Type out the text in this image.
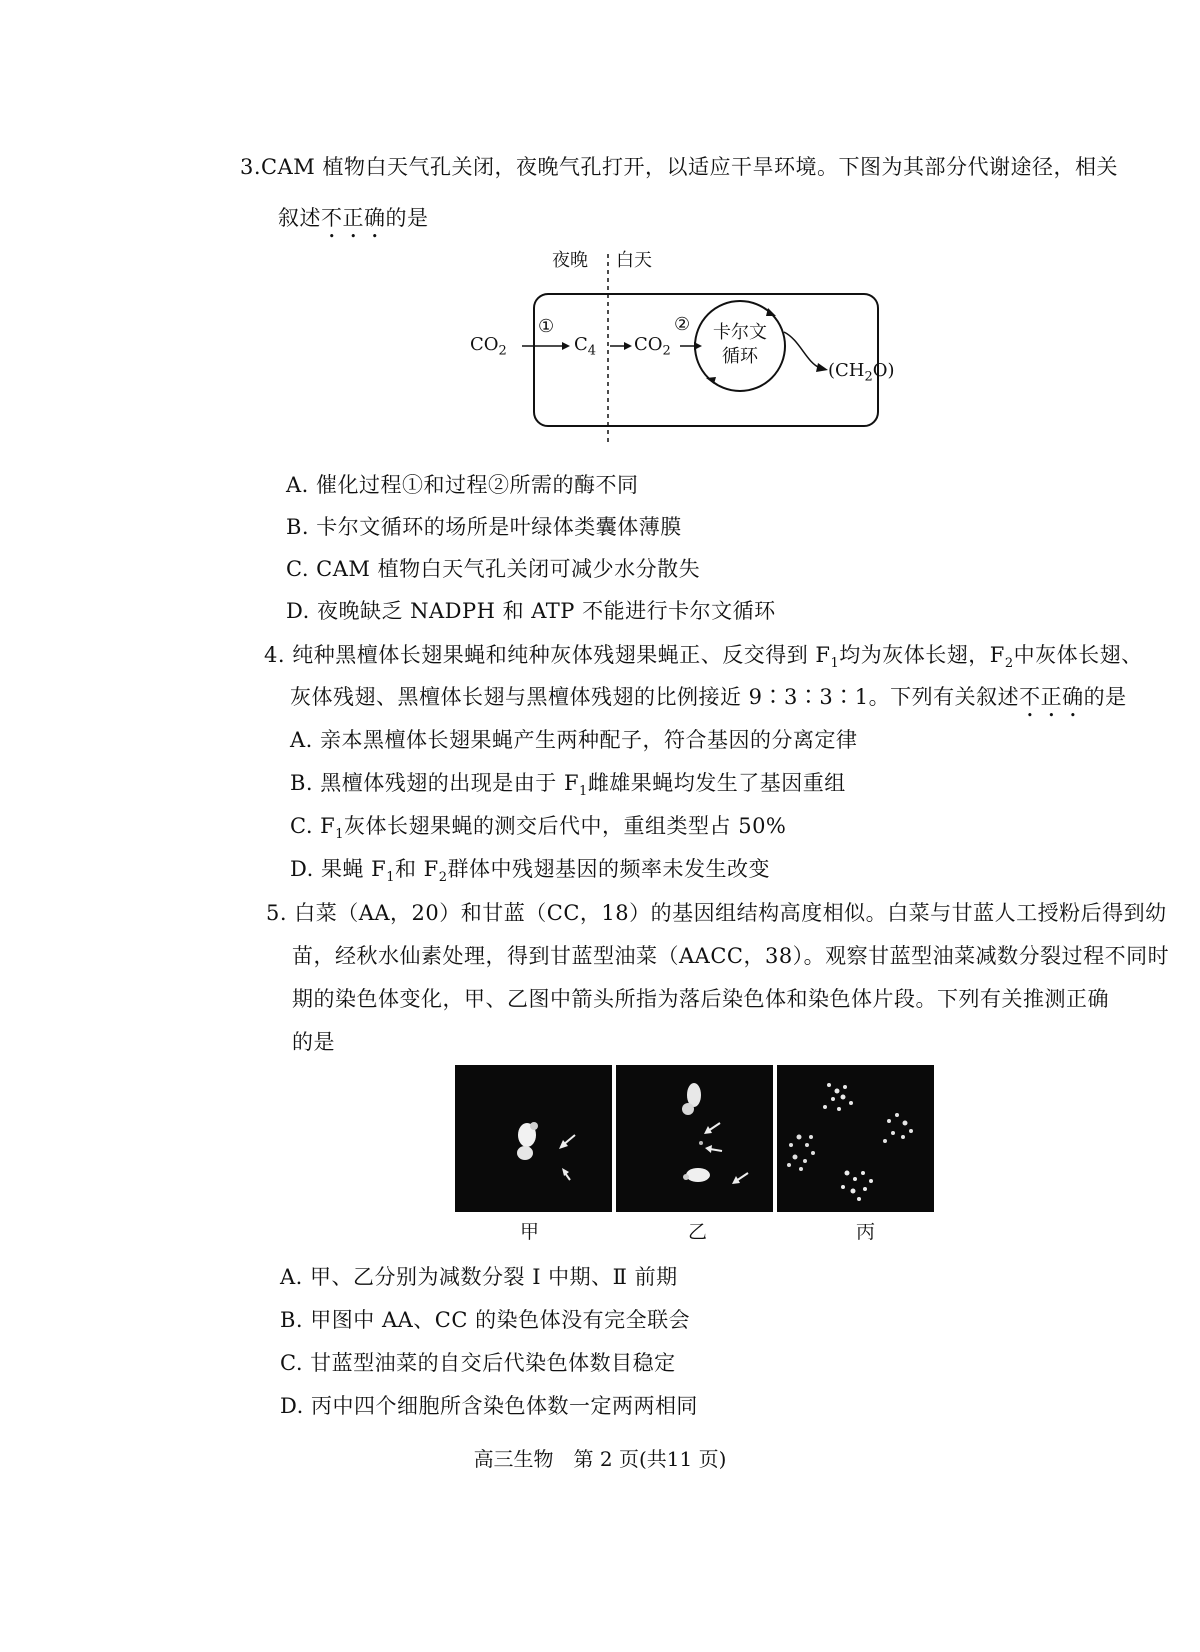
3.CAM 植物白天气孔关闭，夜晚气孔打开，以适应干旱环境。下图为其部分代谢途径，相关
叙述不正确的是
夜晚 白天
$CO_2$
①
$C_4$ $CO_2$
② 卡尔文
循环
$(CH_2O)$
A. 催化过程①和过程②所需的酶不同
B. 卡尔文循环的场所是叶绿体类囊体薄膜
C. CAM 植物白天气孔关闭可减少水分散失
D. 夜晚缺乏 NADPH 和 ATP 不能进行卡尔文循环
4. 纯种黑檀体长翅果蝇和纯种灰体残翅果蝇正、反交得到 $F_1$均为灰体长翅，$F_2$中灰体长翅、
灰体残翅、黑檀体长翅与黑檀体残翅的比例接近 9∶3∶3∶1。下列有关叙述不正确的是
A. 亲本黑檀体长翅果蝇产生两种配子，符合基因的分离定律
B. 黑檀体残翅的出现是由于 $F_1$雌雄果蝇均发生了基因重组
C. $F_1$灰体长翅果蝇的测交后代中，重组类型占 50%
D. 果蝇 $F_1$和 $F_2$群体中残翅基因的频率未发生改变
5. 白菜（AA，20）和甘蓝（CC，18）的基因组结构高度相似。白菜与甘蓝人工授粉后得到幼
苗，经秋水仙素处理，得到甘蓝型油菜（AACC，38）。观察甘蓝型油菜减数分裂过程不同时
期的染色体变化，甲、乙图中箭头所指为落后染色体和染色体片段。下列有关推测正确
的是
甲	乙	丙
A. 甲、乙分别为减数分裂 Ⅰ 中期、Ⅱ 前期
B. 甲图中 AA、CC 的染色体没有完全联会
C. 甘蓝型油菜的自交后代染色体数目稳定
D. 丙中四个细胞所含染色体数一定两两相同
高三生物　第 2 页(共11 页)
